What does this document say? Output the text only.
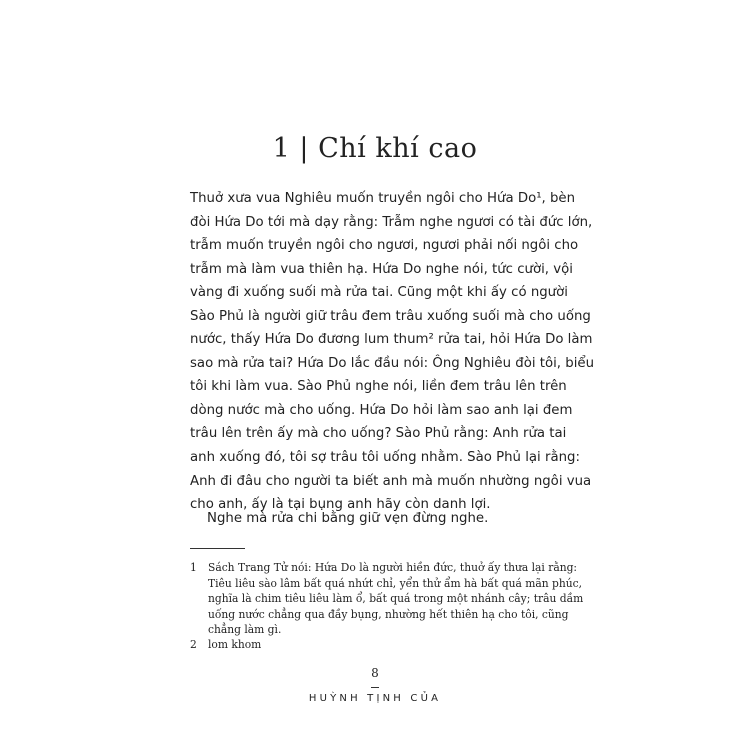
1 | Chí khí cao
Thuở xưa vua Nghiêu muốn truyền ngôi cho Hứa Do¹, bèn
đòi Hứa Do tới mà dạy rằng: Trẫm nghe ngươi có tài đức lớn,
trẫm muốn truyền ngôi cho ngươi, ngươi phải nối ngôi cho
trẫm mà làm vua thiên hạ. Hứa Do nghe nói, tức cười, vội
vàng đi xuống suối mà rửa tai. Cũng một khi ấy có người
Sào Phủ là người giữ trâu đem trâu xuống suối mà cho uống
nước, thấy Hứa Do đương lum thum² rửa tai, hỏi Hứa Do làm
sao mà rửa tai? Hứa Do lắc đầu nói: Ông Nghiêu đòi tôi, biểu
tôi khi làm vua. Sào Phủ nghe nói, liền đem trâu lên trên
dòng nước mà cho uống. Hứa Do hỏi làm sao anh lại đem
trâu lên trên ấy mà cho uống? Sào Phủ rằng: Anh rửa tai
anh xuống đó, tôi sợ trâu tôi uống nhằm. Sào Phủ lại rằng:
Anh đi đâu cho người ta biết anh mà muốn nhường ngôi vua
cho anh, ấy là tại bụng anh hãy còn danh lợi.
Nghe mà rửa chi bằng giữ vẹn đừng nghe.
1 Sách Trang Tử nói: Hứa Do là người hiền đức, thuở ấy thưa lại rằng:
Tiêu liêu sào lâm bất quá nhứt chỉ, yển thử ẩm hà bất quá mãn phúc,
nghĩa là chim tiêu liêu làm ổ, bất quá trong một nhánh cây; trâu dầm
uống nước chẳng qua đầy bụng, nhường hết thiên hạ cho tôi, cũng
chẳng làm gì.
2 lom khom
8
HUỲNH TỊNH CỦA
